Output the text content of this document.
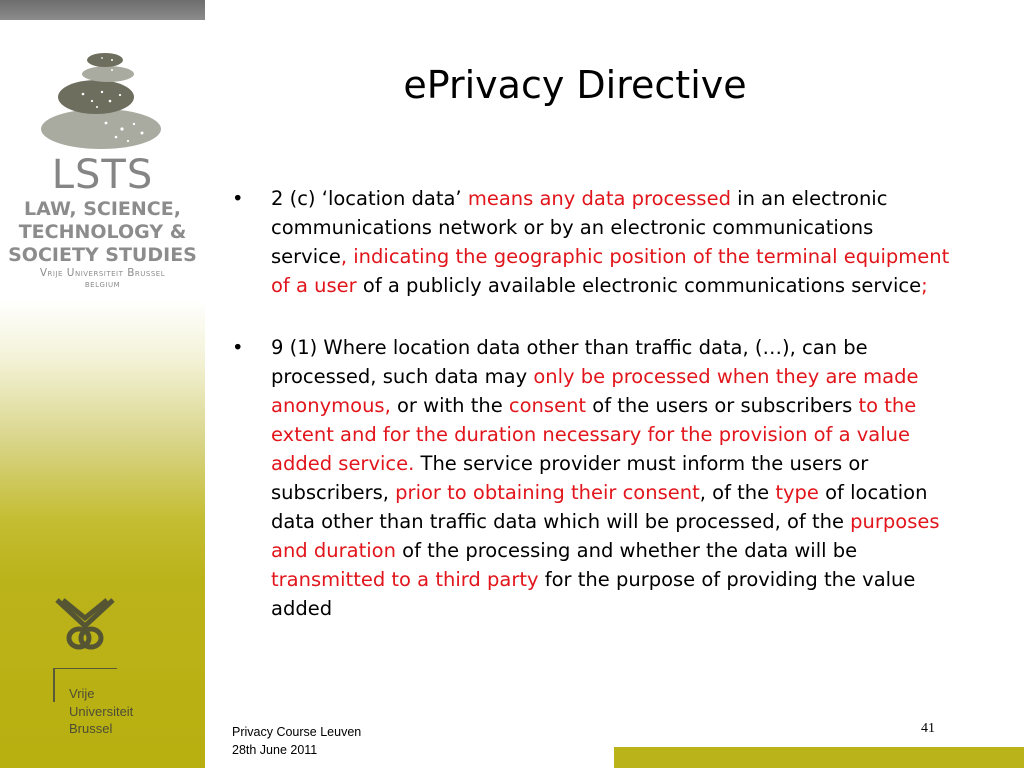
LSTS
LAW, SCIENCE,
TECHNOLOGY &
SOCIETY STUDIES
Vrije Universiteit Brussel
BELGIUM
Vrije
Universiteit
Brussel
ePrivacy Directive
• 2 (c) ‘location data’ means any data processed in an electronic communications network or by an electronic communications service, indicating the geographic position of the terminal equipment of a user of a publicly available electronic communications service;
• 9 (1) Where location data other than traffic data, (…), can be processed, such data may only be processed when they are made anonymous, or with the consent of the users or subscribers to the extent and for the duration necessary for the provision of a value added service. The service provider must inform the users or subscribers, prior to obtaining their consent, of the type of location data other than traffic data which will be processed, of the purposes and duration of the processing and whether the data will be transmitted to a third party for the purpose of providing the value added
Privacy Course Leuven
28th June 2011
41
